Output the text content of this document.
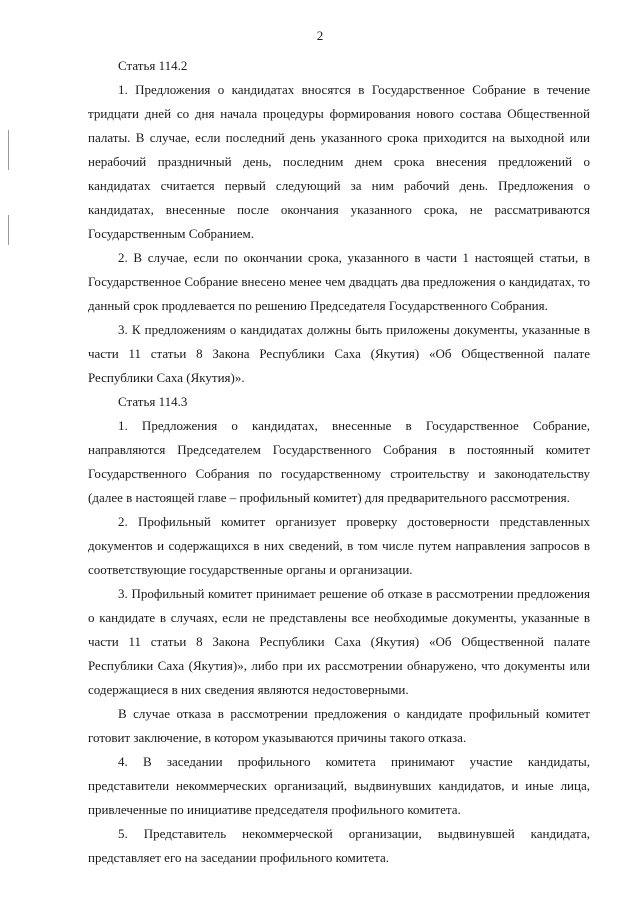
2

Статья 114.2

1. Предложения о кандидатах вносятся в Государственное Собрание в течение тридцати дней со дня начала процедуры формирования нового состава Общественной палаты. В случае, если последний день указанного срока приходится на выходной или нерабочий праздничный день, последним днем срока внесения предложений о кандидатах считается первый следующий за ним рабочий день. Предложения о кандидатах, внесенные после окончания указанного срока, не рассматриваются Государственным Собранием.

2. В случае, если по окончании срока, указанного в части 1 настоящей статьи, в Государственное Собрание внесено менее чем двадцать два предложения о кандидатах, то данный срок продлевается по решению Председателя Государственного Собрания.

3. К предложениям о кандидатах должны быть приложены документы, указанные в части 11 статьи 8 Закона Республики Саха (Якутия) «Об Общественной палате Республики Саха (Якутия)».

Статья 114.3

1. Предложения о кандидатах, внесенные в Государственное Собрание, направляются Председателем Государственного Собрания в постоянный комитет Государственного Собрания по государственному строительству и законодательству (далее в настоящей главе – профильный комитет) для предварительного рассмотрения.

2. Профильный комитет организует проверку достоверности представленных документов и содержащихся в них сведений, в том числе путем направления запросов в соответствующие государственные органы и организации.

3. Профильный комитет принимает решение об отказе в рассмотрении предложения о кандидате в случаях, если не представлены все необходимые документы, указанные в части 11 статьи 8 Закона Республики Саха (Якутия) «Об Общественной палате Республики Саха (Якутия)», либо при их рассмотрении обнаружено, что документы или содержащиеся в них сведения являются недостоверными.

В случае отказа в рассмотрении предложения о кандидате профильный комитет готовит заключение, в котором указываются причины такого отказа.

4. В заседании профильного комитета принимают участие кандидаты, представители некоммерческих организаций, выдвинувших кандидатов, и иные лица, привлеченные по инициативе председателя профильного комитета.

5. Представитель некоммерческой организации, выдвинувшей кандидата, представляет его на заседании профильного комитета.
